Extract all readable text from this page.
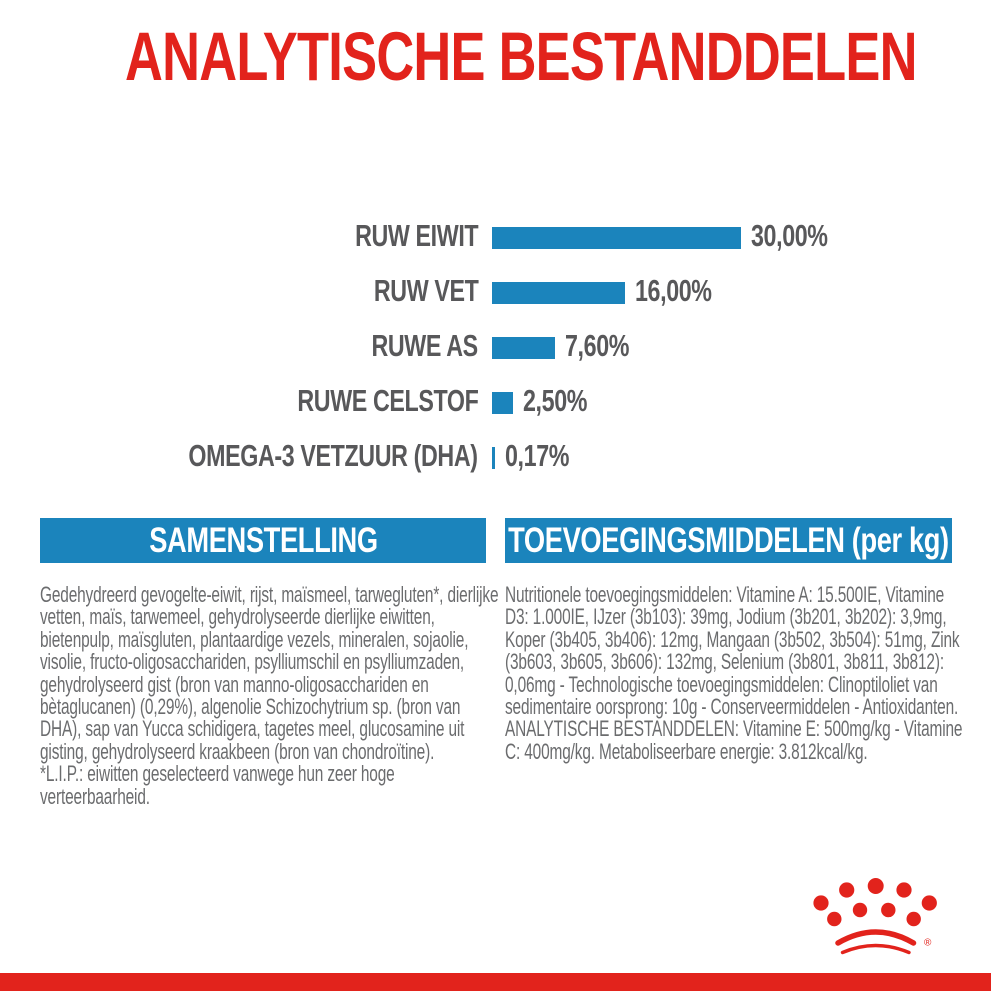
ANALYTISCHE BESTANDDELEN
RUW EIWIT	30,00%
RUW VET	16,00%
RUWE AS	7,60%
RUWE CELSTOF 2,50%
OMEGA-3 VETZUUR (DHA) 0,17%
SAMENSTELLING

Gedehydreerd gevogelte-eiwit, rijst, maïsmeel, tarwegluten*, dierlijke vetten, maïs, tarwemeel, gehydrolyseerde dierlijke eiwitten, bietenpulp, maïsgluten, plantaardige vezels, mineralen, sojaolie, visolie, fructo-oligosacchariden, psylliumschil en psylliumzaden, gehydrolyseerd gist (bron van manno-oligosacchariden en bètaglucanen) (0,29%), algenolie Schizochytrium sp. (bron van DHA), sap van Yucca schidigera, tagetes meel, glucosamine uit gisting, gehydrolyseerd kraakbeen (bron van chondroïtine).

*L.I.P.: eiwitten geselecteerd vanwege hun zeer hoge verteerbaarheid.

TOEVOEGINGSMIDDELEN (per kg)

Nutritionele toevoegingsmiddelen: Vitamine A: 15.500IE, Vitamine D3: 1.000IE, IJzer (3b103): 39mg, Jodium (3b201, 3b202): 3,9mg, Koper (3b405, 3b406): 12mg, Mangaan (3b502, 3b504): 51mg, Zink (3b603, 3b605, 3b606): 132mg, Selenium (3b801, 3b811, 3b812): 0,06mg - Technologische toevoegingsmiddelen: Clinoptiloliet van sedimentaire oorsprong: 10g - Conserveermiddelen - Antioxidanten. ANALYTISCHE BESTANDDELEN: Vitamine E: 500mg/kg - Vitamine C: 400mg/kg. Metaboliseerbare energie: 3.812kcal/kg.

®
